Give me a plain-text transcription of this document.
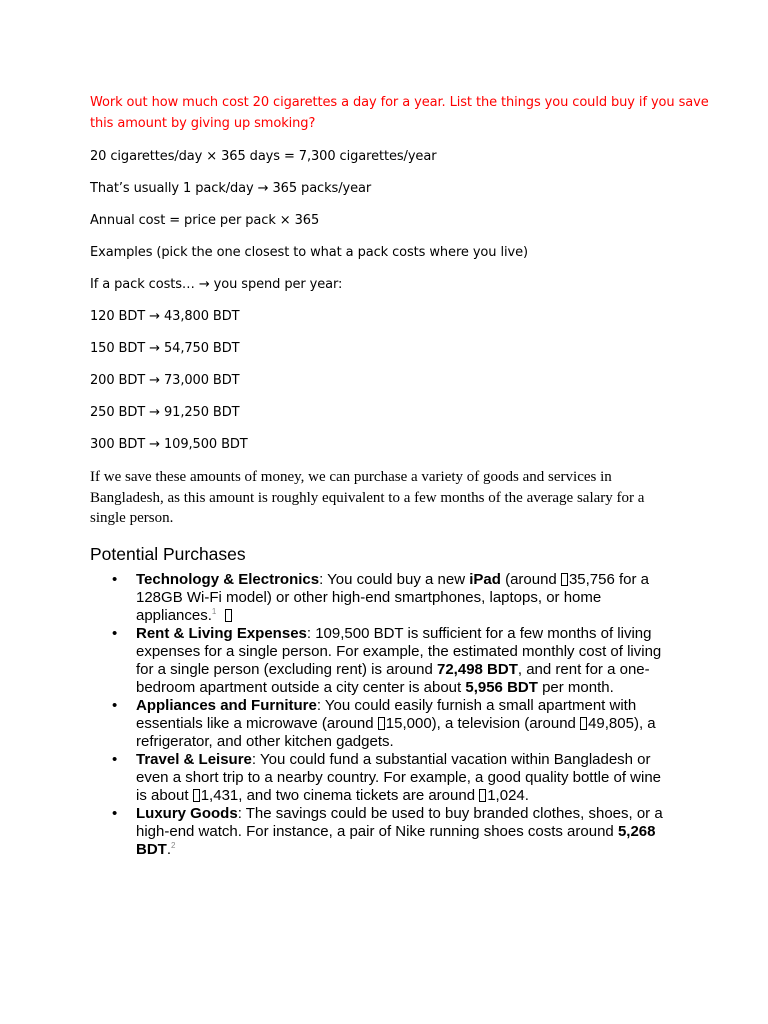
Work out how much cost 20 cigarettes a day for a year. List the things you could buy if you save
this amount by giving up smoking?

20 cigarettes/day × 365 days = 7,300 cigarettes/year

That’s usually 1 pack/day → 365 packs/year

Annual cost = price per pack × 365

Examples (pick the one closest to what a pack costs where you live)

If a pack costs… → you spend per year:

120 BDT → 43,800 BDT

150 BDT → 54,750 BDT

200 BDT → 73,000 BDT

250 BDT → 91,250 BDT

300 BDT → 109,500 BDT

If we save these amounts of money, we can purchase a variety of goods and services in
Bangladesh, as this amount is roughly equivalent to a few months of the average salary for a
single person.

Potential Purchases
• Technology & Electronics: You could buy a new iPad (around 35,756 for a
128GB Wi-Fi model) or other high-end smartphones, laptops, or home
appliances.$^1$
• Rent & Living Expenses: 109,500 BDT is sufficient for a few months of living
expenses for a single person. For example, the estimated monthly cost of living
for a single person (excluding rent) is around 72,498 BDT, and rent for a one-
bedroom apartment outside a city center is about 5,956 BDT per month.
• Appliances and Furniture: You could easily furnish a small apartment with
essentials like a microwave (around 15,000), a television (around 49,805), a
refrigerator, and other kitchen gadgets.
• Travel & Leisure: You could fund a substantial vacation within Bangladesh or
even a short trip to a nearby country. For example, a good quality bottle of wine
is about 1,431, and two cinema tickets are around 1,024.
• Luxury Goods: The savings could be used to buy branded clothes, shoes, or a
high-end watch. For instance, a pair of Nike running shoes costs around 5,268
BDT.$^2$
